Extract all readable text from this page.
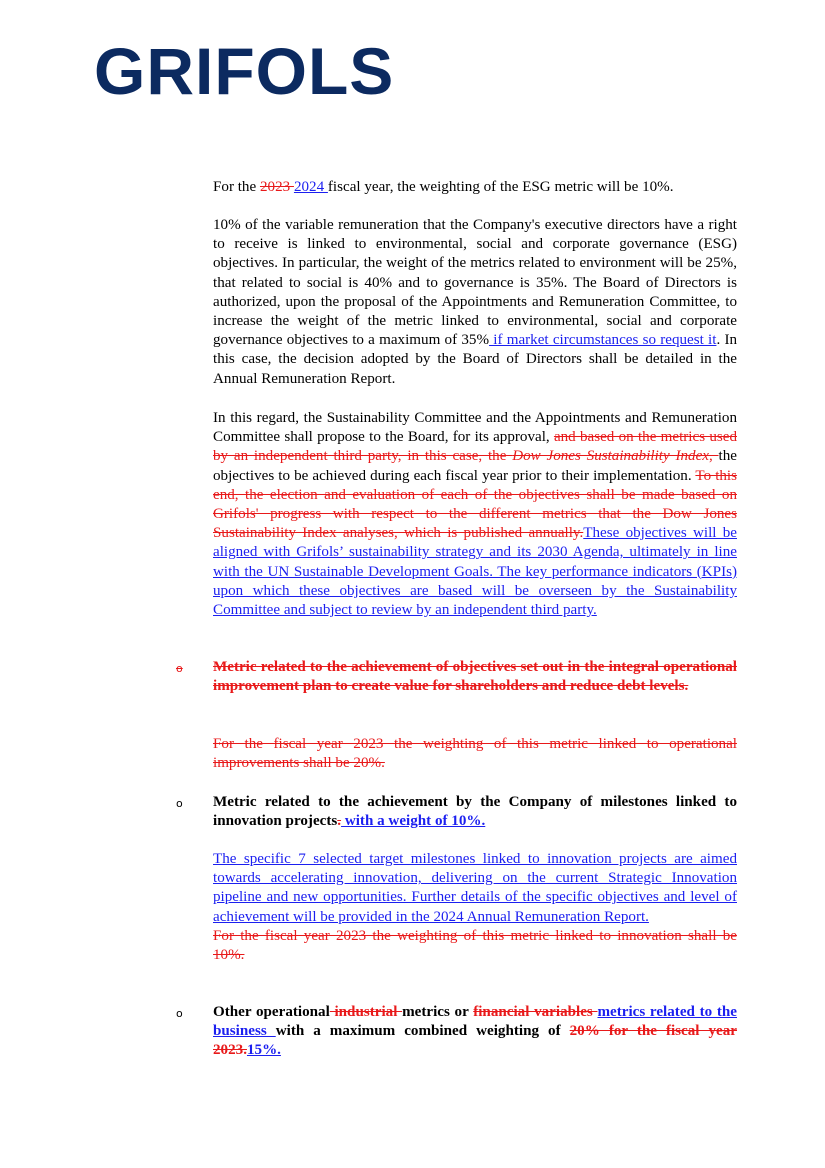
GRIFOLS

For the 2023 2024 fiscal year, the weighting of the ESG metric will be 10%.

10% of the variable remuneration that the Company's executive directors have a right to receive is linked to environmental, social and corporate governance (ESG) objectives. In particular, the weight of the metrics related to environment will be 25%, that related to social is 40% and to governance is 35%. The Board of Directors is authorized, upon the proposal of the Appointments and Remuneration Committee, to increase the weight of the metric linked to environmental, social and corporate governance objectives to a maximum of 35% if market circumstances so request it. In this case, the decision adopted by the Board of Directors shall be detailed in the Annual Remuneration Report.

In this regard, the Sustainability Committee and the Appointments and Remuneration Committee shall propose to the Board, for its approval, and based on the metrics used by an independent third party, in this case, the Dow Jones Sustainability Index, the objectives to be achieved during each fiscal year prior to their implementation. To this end, the election and evaluation of each of the objectives shall be made based on Grifols' progress with respect to the different metrics that the Dow Jones Sustainability Index analyses, which is published annually.These objectives will be aligned with Grifols’ sustainability strategy and its 2030 Agenda, ultimately in line with the UN Sustainable Development Goals. The key performance indicators (KPIs) upon which these objectives are based will be overseen by the Sustainability Committee and subject to review by an independent third party.

o Metric related to the achievement of objectives set out in the integral operational improvement plan to create value for shareholders and reduce debt levels.

For the fiscal year 2023 the weighting of this metric linked to operational improvements shall be 20%.

o Metric related to the achievement by the Company of milestones linked to innovation projects. with a weight of 10%.

The specific 7 selected target milestones linked to innovation projects are aimed towards accelerating innovation, delivering on the current Strategic Innovation pipeline and new opportunities. Further details of the specific objectives and level of achievement will be provided in the 2024 Annual Remuneration Report.
For the fiscal year 2023 the weighting of this metric linked to innovation shall be 10%.

o Other operational industrial metrics or financial variables metrics related to the business with a maximum combined weighting of 20% for the fiscal year 2023.15%.
